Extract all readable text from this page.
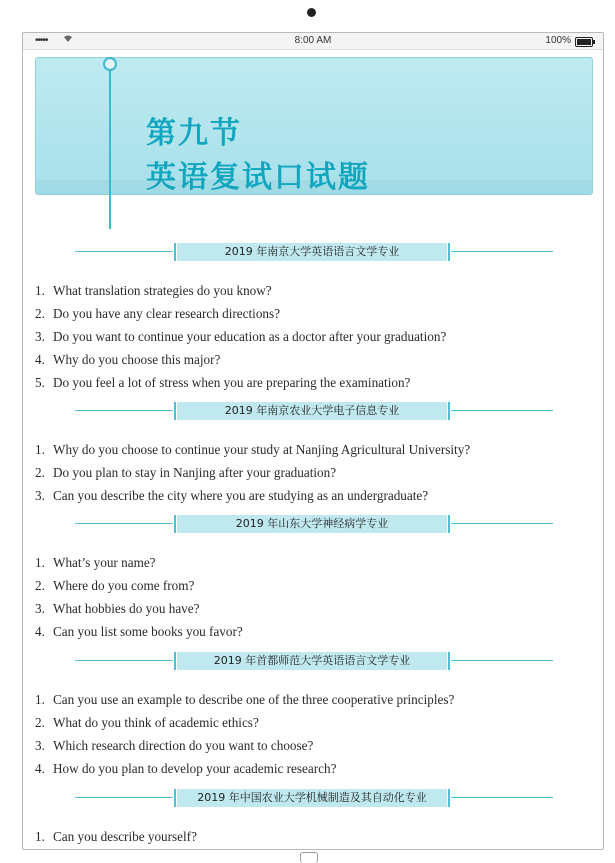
•••••	8:00 AM	100%
第九节
英语复试口试题
2019 年南京大学英语语言文学专业
1. What translation strategies do you know?
2. Do you have any clear research directions?
3. Do you want to continue your education as a doctor after your graduation?
4. Why do you choose this major?
5. Do you feel a lot of stress when you are preparing the examination?
2019 年南京农业大学电子信息专业
1. Why do you choose to continue your study at Nanjing Agricultural University?
2. Do you plan to stay in Nanjing after your graduation?
3. Can you describe the city where you are studying as an undergraduate?
2019 年山东大学神经病学专业
1. What’s your name?
2. Where do you come from?
3. What hobbies do you have?
4. Can you list some books you favor?
2019 年首都师范大学英语语言文学专业
1. Can you use an example to describe one of the three cooperative principles?
2. What do you think of academic ethics?
3. Which research direction do you want to choose?
4. How do you plan to develop your academic research?
2019 年中国农业大学机械制造及其自动化专业
1. Can you describe yourself?
